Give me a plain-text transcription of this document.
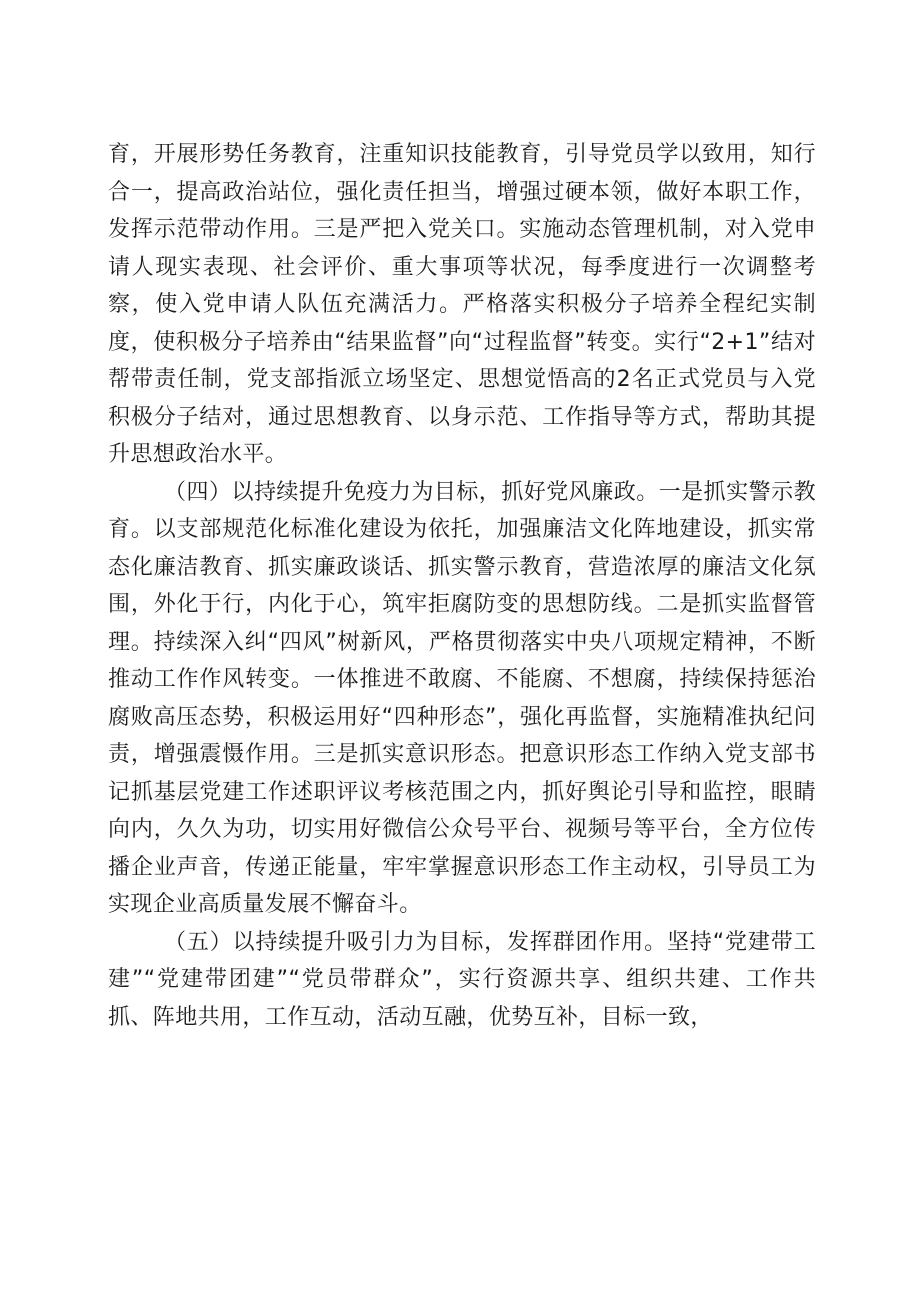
育，开展形势任务教育，注重知识技能教育，引导党员学以致用，知行合一，提高政治站位，强化责任担当，增强过硬本领，做好本职工作，发挥示范带动作用。三是严把入党关口。实施动态管理机制，对入党申请人现实表现、社会评价、重大事项等状况，每季度进行一次调整考察，使入党申请人队伍充满活力。严格落实积极分子培养全程纪实制度，使积极分子培养由“结果监督”向“过程监督”转变。实行“2+1”结对帮带责任制，党支部指派立场坚定、思想觉悟高的2名正式党员与入党积极分子结对，通过思想教育、以身示范、工作指导等方式，帮助其提升思想政治水平。

（四）以持续提升免疫力为目标，抓好党风廉政。一是抓实警示教育。以支部规范化标准化建设为依托，加强廉洁文化阵地建设，抓实常态化廉洁教育、抓实廉政谈话、抓实警示教育，营造浓厚的廉洁文化氛围，外化于行，内化于心，筑牢拒腐防变的思想防线。二是抓实监督管理。持续深入纠“四风”树新风，严格贯彻落实中央八项规定精神，不断推动工作作风转变。一体推进不敢腐、不能腐、不想腐，持续保持惩治腐败高压态势，积极运用好“四种形态”，强化再监督，实施精准执纪问责，增强震慑作用。三是抓实意识形态。把意识形态工作纳入党支部书记抓基层党建工作述职评议考核范围之内，抓好舆论引导和监控，眼睛向内，久久为功，切实用好微信公众号平台、视频号等平台，全方位传播企业声音，传递正能量，牢牢掌握意识形态工作主动权，引导员工为实现企业高质量发展不懈奋斗。

（五）以持续提升吸引力为目标，发挥群团作用。坚持“党建带工建”“党建带团建”“党员带群众”，实行资源共享、组织共建、工作共抓、阵地共用，工作互动，活动互融，优势互补，目标一致，
